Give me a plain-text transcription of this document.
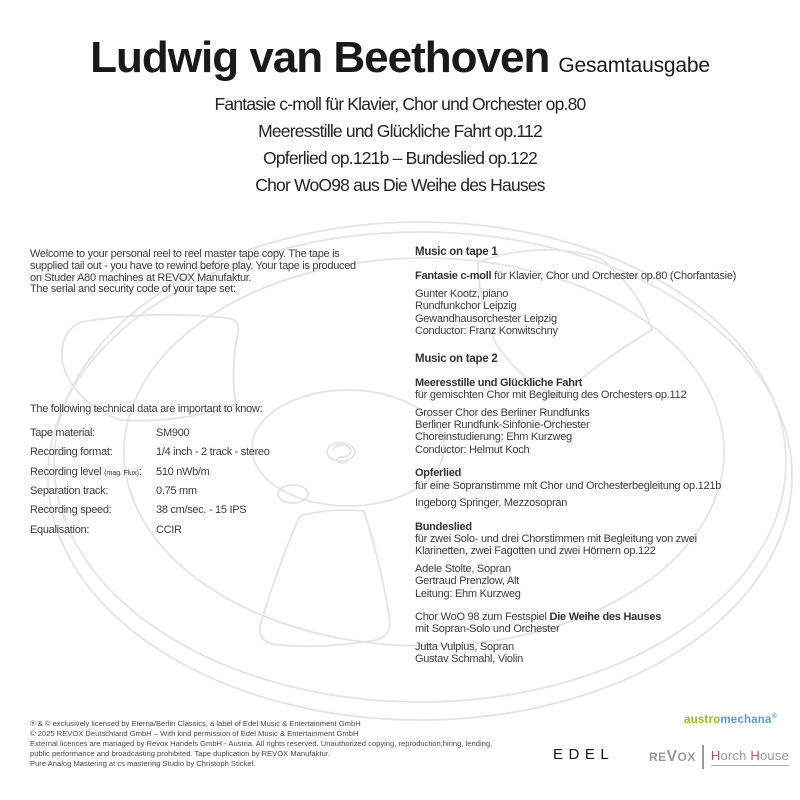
Ludwig van Beethoven Gesamtausgabe
Fantasie c-moll für Klavier, Chor und Orchester op.80
Meeresstille und Glückliche Fahrt op.112
Opferlied op.121b – Bundeslied op.122
Chor WoO98 aus Die Weihe des Hauses
Welcome to your personal reel to reel master tape copy. The tape is
supplied tail out - you have to rewind before play. Your tape is produced
on Studer A80 machines at REVOX Manufaktur.
The serial and security code of your tape set:
The following technical data are important to know:
Tape material:	SM900
Recording format:	1/4 inch - 2 track - stereo
Recording level (mag. Flux):	510 nWb/m
Separation track:	0.75 mm
Recording speed:	38 cm/sec. - 15 IPS
Equalisation:	CCIR
Music on tape 1
Fantasie c-moll für Klavier, Chor und Orchester op.80 (Chorfantasie)
Gunter Kootz, piano
Rundfunkchor Leipzig
Gewandhausorchester Leipzig
Conductor: Franz Konwitschny
Music on tape 2
Meeresstille und Glückliche Fahrt
für gemischten Chor mit Begleitung des Orchesters op.112
Grosser Chor des Berliner Rundfunks
Berliner Rundfunk-Sinfonie-Orchester
Choreinstudierung: Ehm Kurzweg
Conductor: Helmut Koch
Opferlied
für eine Sopranstimme mit Chor und Orchesterbegleitung op.121b
Ingeborg Springer, Mezzosopran
Bundeslied
für zwei Solo- und drei Chorstimmen mit Begleitung von zwei
Klarinetten, zwei Fagotten und zwei Hörnern op.122
Adele Stolte, Sopran
Gertraud Prenzlow, Alt
Leitung: Ehm Kurzweg
Chor WoO 98 zum Festspiel Die Weihe des Hauses
mit Sopran-Solo und Orchester
Jutta Vulpius, Sopran
Gustav Schmahl, Violin
℗ & © exclusively licensed by Eterna/Berlin Classics, a label of Edel Music & Entertainment GmbH
© 2025 REVOX Deutschland GmbH – With kind permission of Edel Music & Entertainment GmbH
External licences are managed by Revox Handels GmbH - Austria. All rights reserved. Unauthorized copying, reproduction,hiring, lending,
public performance and broadcasting prohibited. Tape duplication by REVOX Manufaktur.
Pure Analog Mastering at cs mastering Studio by Christoph Stickel.
austromechana®
EDEL	RE V OX Horch House
